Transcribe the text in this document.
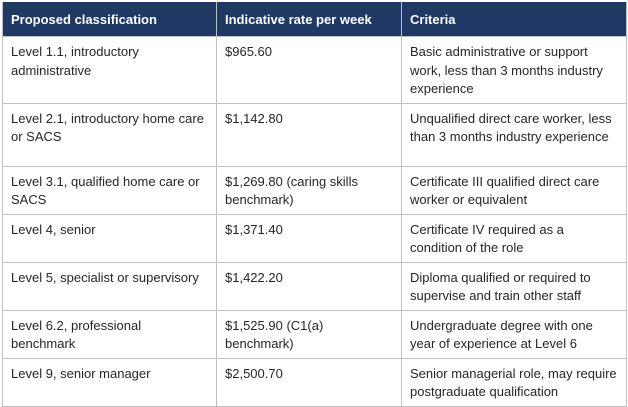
Proposed classification	Indicative rate per week	Criteria
Level 1.1, introductory administrative	$965.60	Basic administrative or support work, less than 3 months industry experience
Level 2.1, introductory home care or SACS	$1,142.80	Unqualified direct care worker, less than 3 months industry experience
Level 3.1, qualified home care or SACS	$1,269.80 (caring skills benchmark)	Certificate III qualified direct care worker or equivalent
Level 4, senior	$1,371.40	Certificate IV required as a condition of the role
Level 5, specialist or supervisory	$1,422.20	Diploma qualified or required to supervise and train other staff
Level 6.2, professional benchmark	$1,525.90 (C1(a) benchmark)	Undergraduate degree with one year of experience at Level 6
Level 9, senior manager	$2,500.70	Senior managerial role, may require postgraduate qualification
